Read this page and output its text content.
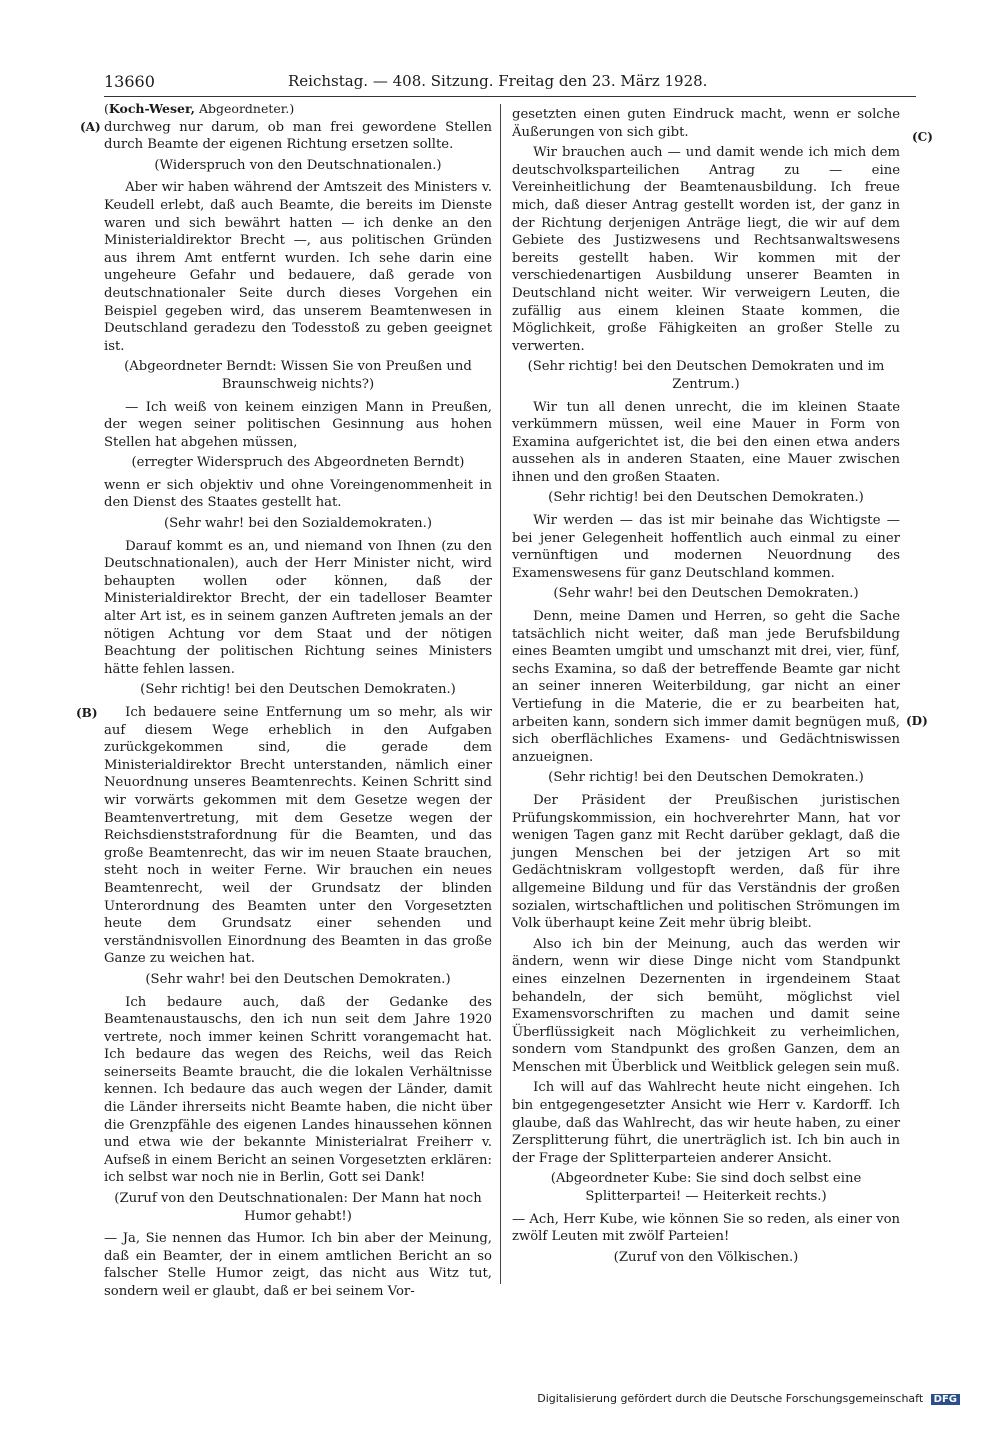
13660	Reichstag. — 408. Sitzung. Freitag den 23. März 1928.
(A)
(B)
(C)
(D)
(Koch-Weser, Abgeordneter.)

durchweg nur darum, ob man frei gewordene Stellen durch Beamte der eigenen Richtung ersetzen sollte.

(Widerspruch von den Deutschnationalen.)

Aber wir haben während der Amtszeit des Ministers v. Keudell erlebt, daß auch Beamte, die bereits im Dienste waren und sich bewährt hatten — ich denke an den Ministerialdirektor Brecht —, aus politischen Gründen aus ihrem Amt entfernt wurden. Ich sehe darin eine ungeheure Gefahr und bedauere, daß gerade von deutschnationaler Seite durch dieses Vorgehen ein Beispiel gegeben wird, das unserem Beamtenwesen in Deutschland geradezu den Todesstoß zu geben geeignet ist.

(Abgeordneter Berndt: Wissen Sie von Preußen und Braunschweig nichts?)

— Ich weiß von keinem einzigen Mann in Preußen, der wegen seiner politischen Gesinnung aus hohen Stellen hat abgehen müssen,

(erregter Widerspruch des Abgeordneten Berndt)

wenn er sich objektiv und ohne Voreingenommenheit in den Dienst des Staates gestellt hat.

(Sehr wahr! bei den Sozialdemokraten.)

Darauf kommt es an, und niemand von Ihnen (zu den Deutschnationalen), auch der Herr Minister nicht, wird behaupten wollen oder können, daß der Ministerialdirektor Brecht, der ein tadelloser Beamter alter Art ist, es in seinem ganzen Auftreten jemals an der nötigen Achtung vor dem Staat und der nötigen Beachtung der politischen Richtung seines Ministers hätte fehlen lassen.

(Sehr richtig! bei den Deutschen Demokraten.)

Ich bedauere seine Entfernung um so mehr, als wir auf diesem Wege erheblich in den Aufgaben zurückgekommen sind, die gerade dem Ministerialdirektor Brecht unterstanden, nämlich einer Neuordnung unseres Beamtenrechts. Keinen Schritt sind wir vorwärts gekommen mit dem Gesetze wegen der Beamtenvertretung, mit dem Gesetze wegen der Reichsdienststrafordnung für die Beamten, und das große Beamtenrecht, das wir im neuen Staate brauchen, steht noch in weiter Ferne. Wir brauchen ein neues Beamtenrecht, weil der Grundsatz der blinden Unterordnung des Beamten unter den Vorgesetzten heute dem Grundsatz einer sehenden und verständnisvollen Einordnung des Beamten in das große Ganze zu weichen hat.

(Sehr wahr! bei den Deutschen Demokraten.)

Ich bedaure auch, daß der Gedanke des Beamtenaustauschs, den ich nun seit dem Jahre 1920 vertrete, noch immer keinen Schritt vorangemacht hat. Ich bedaure das wegen des Reichs, weil das Reich seinerseits Beamte braucht, die die lokalen Verhältnisse kennen. Ich bedaure das auch wegen der Länder, damit die Länder ihrerseits nicht Beamte haben, die nicht über die Grenzpfähle des eigenen Landes hinaussehen können und etwa wie der bekannte Ministerialrat Freiherr v. Aufseß in einem Bericht an seinen Vorgesetzten erklären: ich selbst war noch nie in Berlin, Gott sei Dank!

(Zuruf von den Deutschnationalen: Der Mann hat noch Humor gehabt!)

— Ja, Sie nennen das Humor. Ich bin aber der Meinung, daß ein Beamter, der in einem amtlichen Bericht an so falscher Stelle Humor zeigt, das nicht aus Witz tut, sondern weil er glaubt, daß er bei seinem Vor-

gesetzten einen guten Eindruck macht, wenn er solche Äußerungen von sich gibt.

Wir brauchen auch — und damit wende ich mich dem deutschvolksparteilichen Antrag zu — eine Vereinheitlichung der Beamtenausbildung. Ich freue mich, daß dieser Antrag gestellt worden ist, der ganz in der Richtung derjenigen Anträge liegt, die wir auf dem Gebiete des Justizwesens und Rechtsanwaltswesens bereits gestellt haben. Wir kommen mit der verschiedenartigen Ausbildung unserer Beamten in Deutschland nicht weiter. Wir verweigern Leuten, die zufällig aus einem kleinen Staate kommen, die Möglichkeit, große Fähigkeiten an großer Stelle zu verwerten.

(Sehr richtig! bei den Deutschen Demokraten und im Zentrum.)

Wir tun all denen unrecht, die im kleinen Staate verkümmern müssen, weil eine Mauer in Form von Examina aufgerichtet ist, die bei den einen etwa anders aussehen als in anderen Staaten, eine Mauer zwischen ihnen und den großen Staaten.

(Sehr richtig! bei den Deutschen Demokraten.)

Wir werden — das ist mir beinahe das Wichtigste — bei jener Gelegenheit hoffentlich auch einmal zu einer vernünftigen und modernen Neuordnung des Examenswesens für ganz Deutschland kommen.

(Sehr wahr! bei den Deutschen Demokraten.)

Denn, meine Damen und Herren, so geht die Sache tatsächlich nicht weiter, daß man jede Berufsbildung eines Beamten umgibt und umschanzt mit drei, vier, fünf, sechs Examina, so daß der betreffende Beamte gar nicht an seiner inneren Weiterbildung, gar nicht an einer Vertiefung in die Materie, die er zu bearbeiten hat, arbeiten kann, sondern sich immer damit begnügen muß, sich oberflächliches Examens- und Gedächtniswissen anzueignen.

(Sehr richtig! bei den Deutschen Demokraten.)

Der Präsident der Preußischen juristischen Prüfungskommission, ein hochverehrter Mann, hat vor wenigen Tagen ganz mit Recht darüber geklagt, daß die jungen Menschen bei der jetzigen Art so mit Gedächtniskram vollgestopft werden, daß für ihre allgemeine Bildung und für das Verständnis der großen sozialen, wirtschaftlichen und politischen Strömungen im Volk überhaupt keine Zeit mehr übrig bleibt.

Also ich bin der Meinung, auch das werden wir ändern, wenn wir diese Dinge nicht vom Standpunkt eines einzelnen Dezernenten in irgendeinem Staat behandeln, der sich bemüht, möglichst viel Examensvorschriften zu machen und damit seine Überflüssigkeit nach Möglichkeit zu verheimlichen, sondern vom Standpunkt des großen Ganzen, dem an Menschen mit Überblick und Weitblick gelegen sein muß.

Ich will auf das Wahlrecht heute nicht eingehen. Ich bin entgegengesetzter Ansicht wie Herr v. Kardorff. Ich glaube, daß das Wahlrecht, das wir heute haben, zu einer Zersplitterung führt, die unerträglich ist. Ich bin auch in der Frage der Splitterparteien anderer Ansicht.

(Abgeordneter Kube: Sie sind doch selbst eine Splitterpartei! — Heiterkeit rechts.)

— Ach, Herr Kube, wie können Sie so reden, als einer von zwölf Leuten mit zwölf Parteien!

(Zuruf von den Völkischen.)

Digitalisierung gefördert durch die Deutsche Forschungsgemeinschaft DFG
